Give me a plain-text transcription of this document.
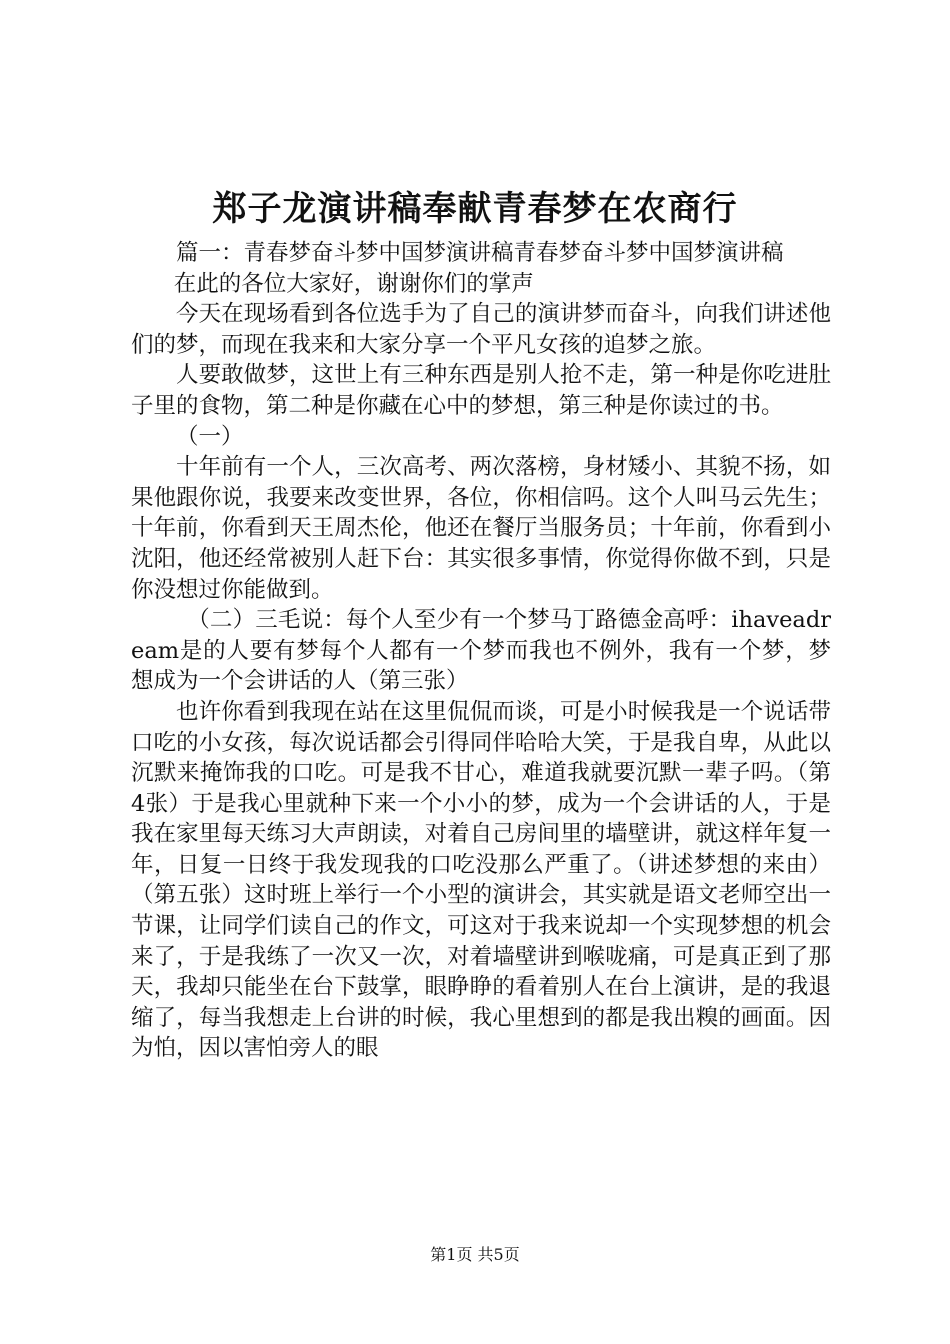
郑子龙演讲稿奉献青春梦在农商行

篇一：青春梦奋斗梦中国梦演讲稿青春梦奋斗梦中国梦演讲稿

在此的各位大家好，谢谢你们的掌声

今天在现场看到各位选手为了自己的演讲梦而奋斗，向我们讲述他们的梦，而现在我来和大家分享一个平凡女孩的追梦之旅。

人要敢做梦，这世上有三种东西是别人抢不走，第一种是你吃进肚子里的食物，第二种是你藏在心中的梦想，第三种是你读过的书。

（一）

十年前有一个人，三次高考、两次落榜，身材矮小、其貌不扬，如果他跟你说，我要来改变世界，各位，你相信吗。这个人叫马云先生；十年前，你看到天王周杰伦，他还在餐厅当服务员；十年前，你看到小沈阳，他还经常被别人赶下台：其实很多事情，你觉得你做不到，只是你没想过你能做到。

（二）三毛说：每个人至少有一个梦马丁路德金高呼：ihaveadream是的人要有梦每个人都有一个梦而我也不例外，我有一个梦，梦想成为一个会讲话的人（第三张）

也许你看到我现在站在这里侃侃而谈，可是小时候我是一个说话带口吃的小女孩，每次说话都会引得同伴哈哈大笑，于是我自卑，从此以沉默来掩饰我的口吃。可是我不甘心，难道我就要沉默一辈子吗。（第4张）于是我心里就种下来一个小小的梦，成为一个会讲话的人，于是我在家里每天练习大声朗读，对着自己房间里的墙壁讲，就这样年复一年，日复一日终于我发现我的口吃没那么严重了。（讲述梦想的来由）（第五张）这时班上举行一个小型的演讲会，其实就是语文老师空出一节课，让同学们读自己的作文，可这对于我来说却一个实现梦想的机会来了，于是我练了一次又一次，对着墙壁讲到喉咙痛，可是真正到了那天，我却只能坐在台下鼓掌，眼睁睁的看着别人在台上演讲，是的我退缩了，每当我想走上台讲的时候，我心里想到的都是我出糗的画面。因为怕，因以害怕旁人的眼

第1页 共5页
